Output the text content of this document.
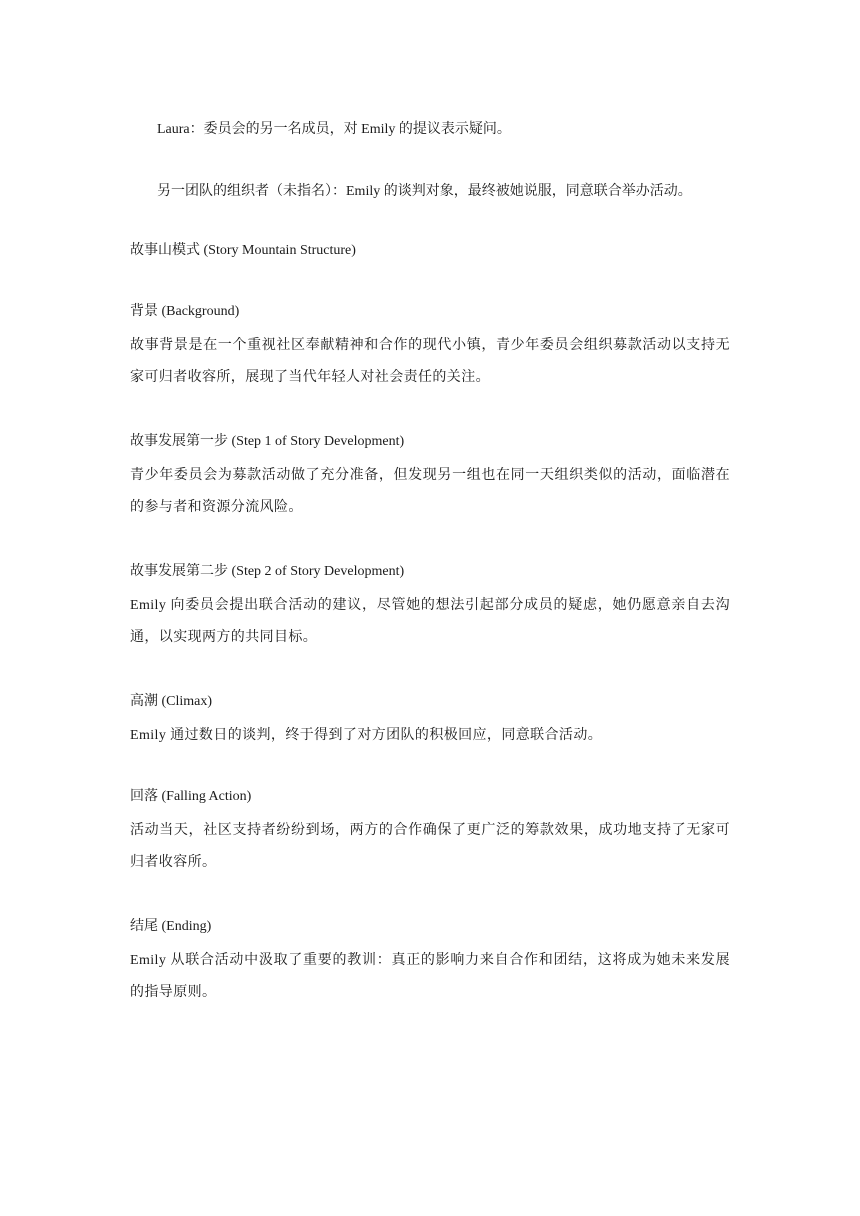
Laura：委员会的另一名成员，对 Emily 的提议表示疑问。
另一团队的组织者（未指名）：Emily 的谈判对象，最终被她说服，同意联合举办活动。
故事山模式 (Story Mountain Structure)
背景 (Background)
故事背景是在一个重视社区奉献精神和合作的现代小镇，青少年委员会组织募款活动以支持无家可归者收容所，展现了当代年轻人对社会责任的关注。
故事发展第一步 (Step 1 of Story Development)
青少年委员会为募款活动做了充分准备，但发现另一组也在同一天组织类似的活动，面临潜在的参与者和资源分流风险。
故事发展第二步 (Step 2 of Story Development)
Emily 向委员会提出联合活动的建议，尽管她的想法引起部分成员的疑虑，她仍愿意亲自去沟通，以实现两方的共同目标。
高潮 (Climax)
Emily 通过数日的谈判，终于得到了对方团队的积极回应，同意联合活动。
回落 (Falling Action)
活动当天，社区支持者纷纷到场，两方的合作确保了更广泛的筹款效果，成功地支持了无家可归者收容所。
结尾 (Ending)
Emily 从联合活动中汲取了重要的教训：真正的影响力来自合作和团结，这将成为她未来发展的指导原则。
